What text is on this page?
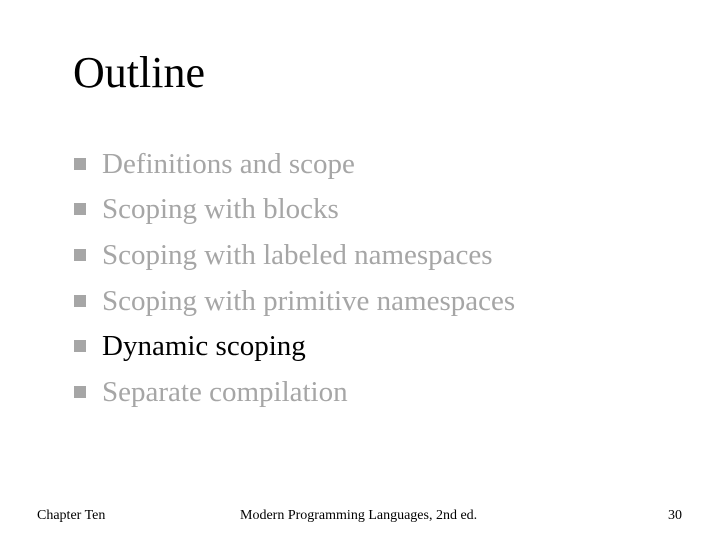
Outline
Definitions and scope
Scoping with blocks
Scoping with labeled namespaces
Scoping with primitive namespaces
Dynamic scoping
Separate compilation
Chapter Ten	Modern Programming Languages, 2nd ed.	30
